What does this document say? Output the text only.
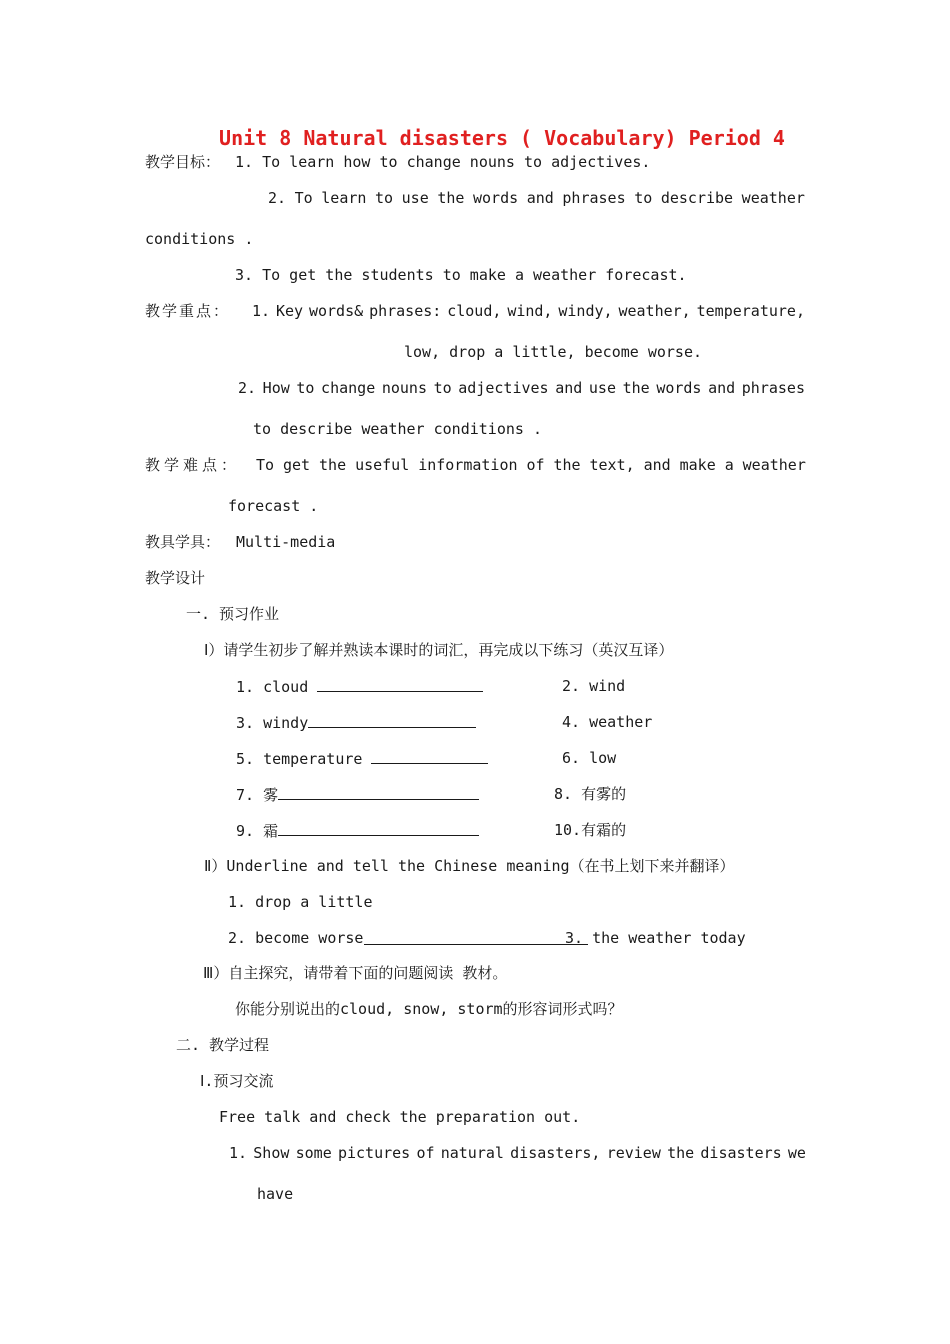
Unit 8 Natural disasters ( Vocabulary) Period 4
教学目标： 1. To learn how to change nouns to adjectives.
2. To learn to use the words and phrases to describe weather
conditions .
3. To get the students to make a weather forecast.
教学重点： 1. Key words& phrases: cloud, wind, windy, weather, temperature,
low, drop a little, become worse.
2. How to change nouns to adjectives and use the words and phrases
to describe weather conditions .
教学难点： To get the useful information of the text, and make a weather
forecast .
教具学具： Multi-media
教学设计
一. 预习作业
Ⅰ）请学生初步了解并熟读本课时的词汇，再完成以下练习（英汉互译）
1. cloud	2. wind
3. windy	4. weather
5. temperature	6. low
7. 雾	8. 有雾的
9. 霜	10.有霜的
Ⅱ）Underline and tell the Chinese meaning（在书上划下来并翻译）
1. drop a little
2. become worse	3. the weather today
Ⅲ）自主探究，请带着下面的问题阅读 教材。
你能分别说出的cloud, snow, storm的形容词形式吗？
二. 教学过程
Ⅰ.预习交流
Free talk and check the preparation out.
1. Show some pictures of natural disasters, review the disasters we
have
